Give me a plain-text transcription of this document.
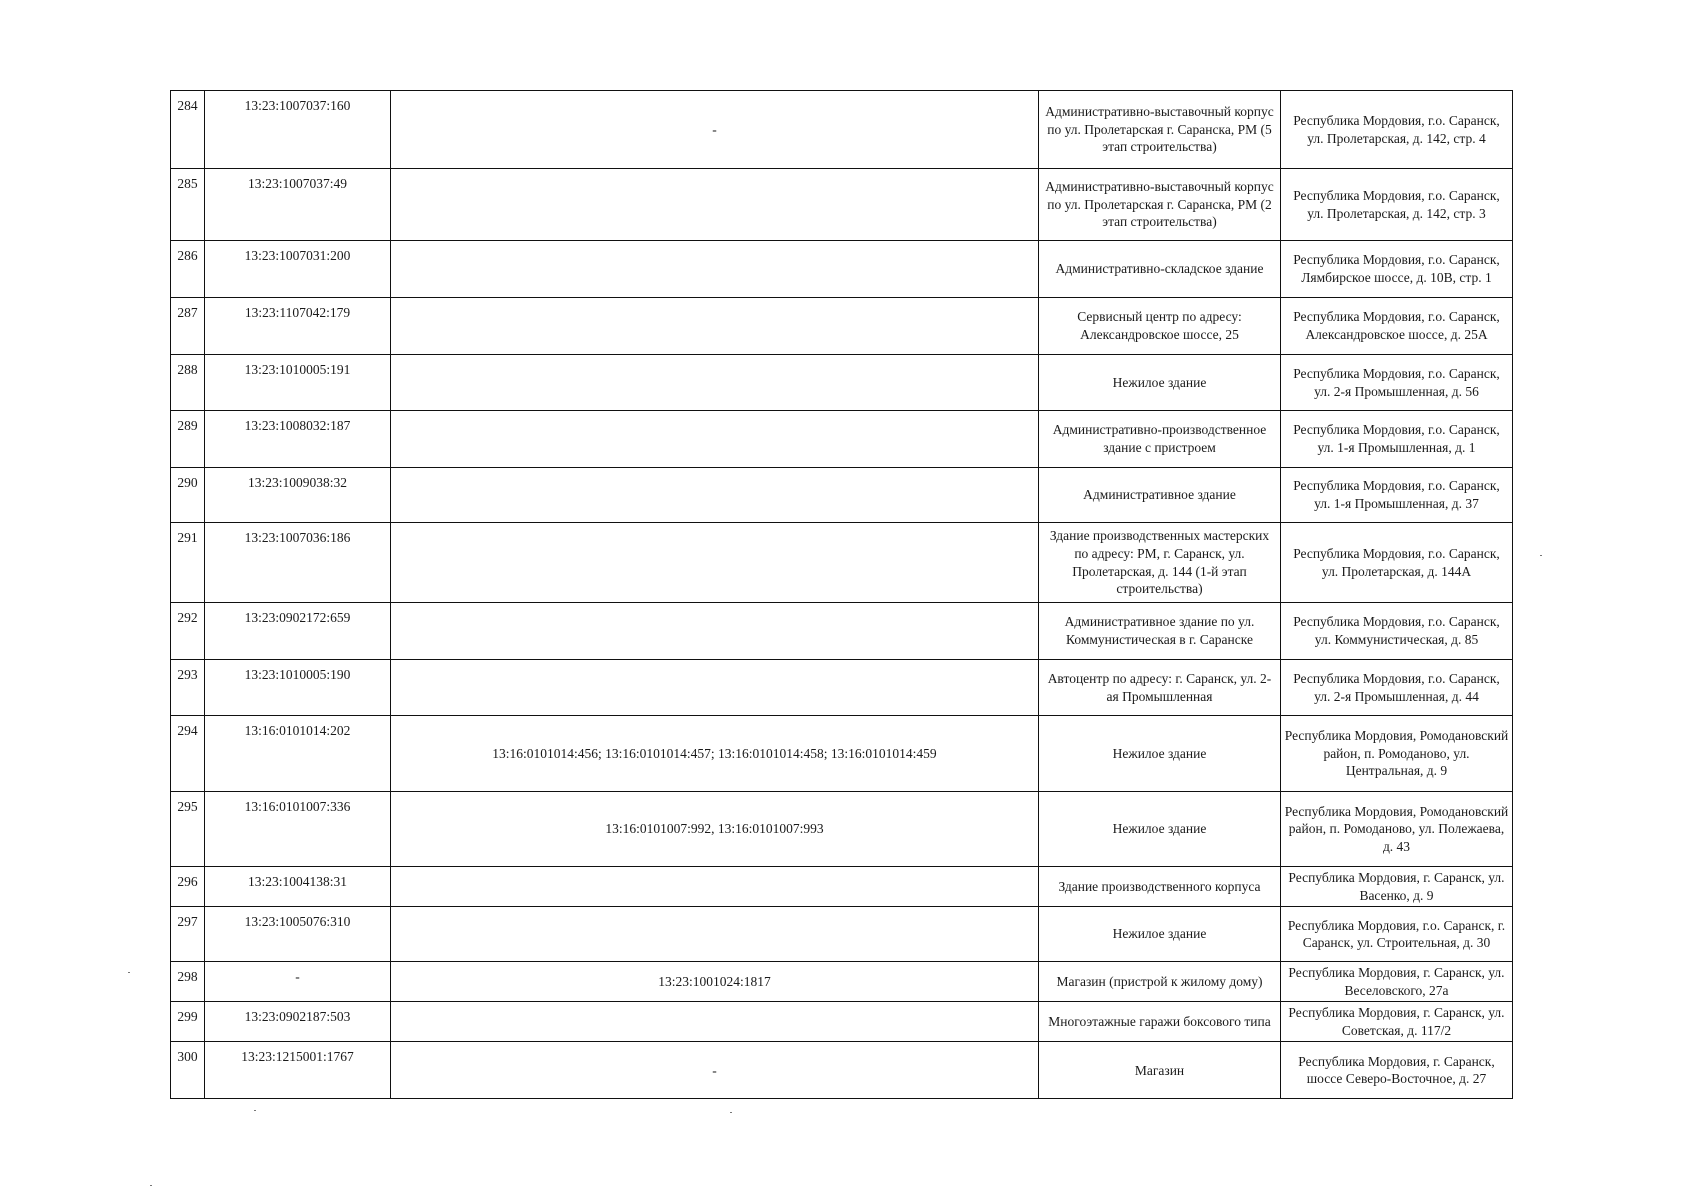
284	13:23:1007037:160	-	Административно-выставочный корпус по ул. Пролетарская г. Саранска, РМ (5 этап строительства)	Республика Мордовия, г.о. Саранск, ул. Пролетарская, д. 142, стр. 4
285	13:23:1007037:49		Административно-выставочный корпус по ул. Пролетарская г. Саранска, РМ (2 этап строительства)	Республика Мордовия, г.о. Саранск, ул. Пролетарская, д. 142, стр. 3
286	13:23:1007031:200		Административно-складское здание	Республика Мордовия, г.о. Саранск, Лямбирское шоссе, д. 10В, стр. 1
287	13:23:1107042:179		Сервисный центр по адресу: Александровское шоссе, 25	Республика Мордовия, г.о. Саранск, Александровское шоссе, д. 25А
288	13:23:1010005:191		Нежилое здание	Республика Мордовия, г.о. Саранск, ул. 2-я Промышленная, д. 56
289	13:23:1008032:187		Административно-производственное здание с пристроем	Республика Мордовия, г.о. Саранск, ул. 1-я Промышленная, д. 1
290	13:23:1009038:32		Административное здание	Республика Мордовия, г.о. Саранск, ул. 1-я Промышленная, д. 37
291	13:23:1007036:186		Здание производственных мастерских по адресу: РМ, г. Саранск, ул. Пролетарская, д. 144 (1-й этап строительства)	Республика Мордовия, г.о. Саранск, ул. Пролетарская, д. 144А
292	13:23:0902172:659		Административное здание по ул. Коммунистическая в г. Саранске	Республика Мордовия, г.о. Саранск, ул. Коммунистическая, д. 85
293	13:23:1010005:190		Автоцентр по адресу: г. Саранск, ул. 2-ая Промышленная	Республика Мордовия, г.о. Саранск, ул. 2-я Промышленная, д. 44
294	13:16:0101014:202	13:16:0101014:456; 13:16:0101014:457; 13:16:0101014:458; 13:16:0101014:459	Нежилое здание	Республика Мордовия, Ромодановский район, п. Ромоданово, ул. Центральная, д. 9
295	13:16:0101007:336	13:16:0101007:992, 13:16:0101007:993	Нежилое здание	Республика Мордовия, Ромодановский район, п. Ромоданово, ул. Полежаева, д. 43
296	13:23:1004138:31		Здание производственного корпуса	Республика Мордовия, г. Саранск, ул. Васенко, д. 9
297	13:23:1005076:310		Нежилое здание	Республика Мордовия, г.о. Саранск, г. Саранск, ул. Строительная, д. 30
298	-	13:23:1001024:1817	Магазин (пристрой к жилому дому)	Республика Мордовия, г. Саранск, ул. Веселовского, 27а
299	13:23:0902187:503		Многоэтажные гаражи боксового типа	Республика Мордовия, г. Саранск, ул. Советская, д. 117/2
300	13:23:1215001:1767	-	Магазин	Республика Мордовия, г. Саранск, шоссе Северо-Восточное, д. 27
